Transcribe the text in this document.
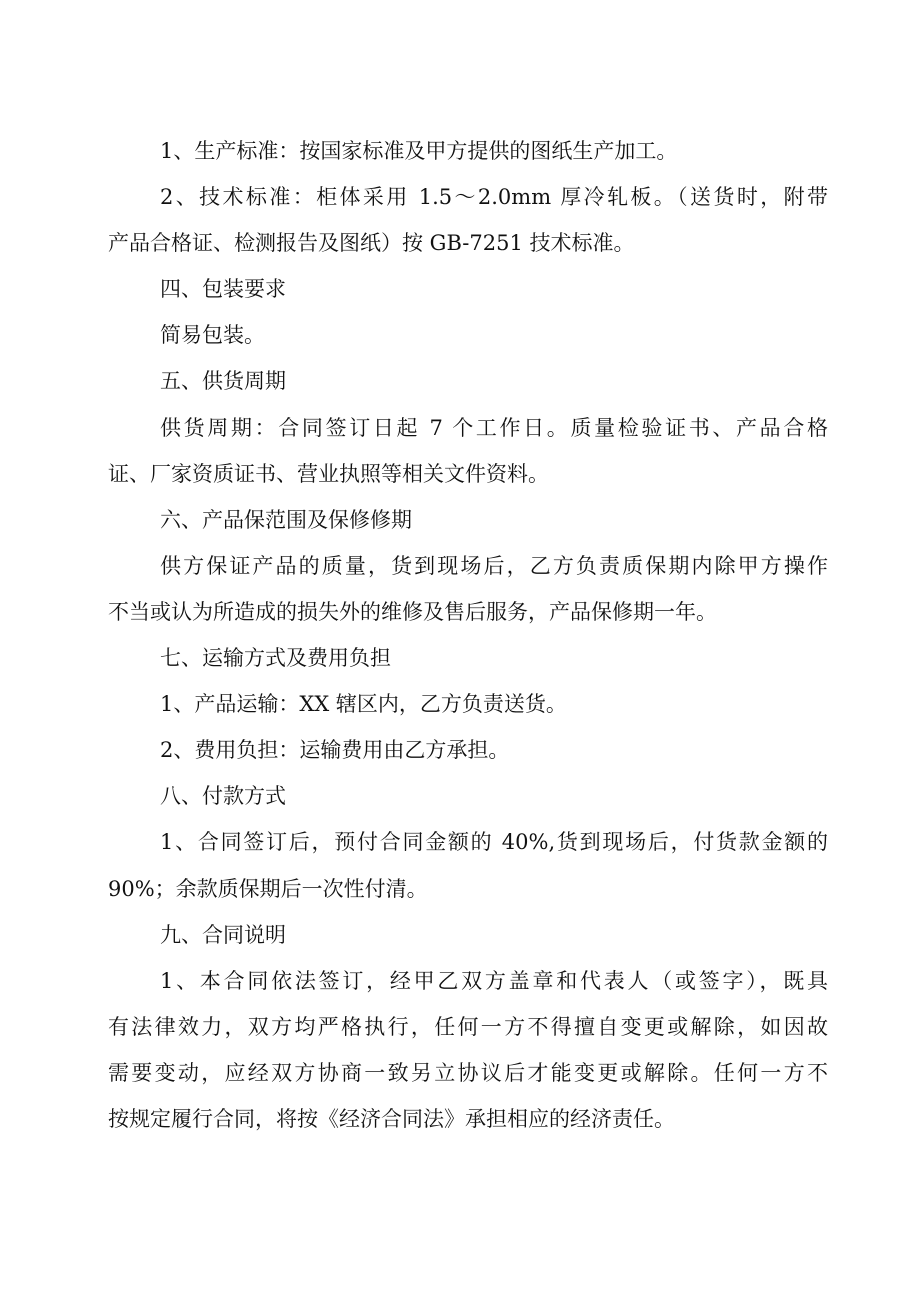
1、生产标准：按国家标准及甲方提供的图纸生产加工。
2、技术标准：柜体采用 1.5～2.0mm 厚冷轧板。（送货时，附带
产品合格证、检测报告及图纸）按 GB-7251 技术标准。
四、包装要求
简易包装。
五、供货周期
供货周期：合同签订日起 7 个工作日。质量检验证书、产品合格
证、厂家资质证书、营业执照等相关文件资料。
六、产品保范围及保修修期
供方保证产品的质量，货到现场后，乙方负责质保期内除甲方操作
不当或认为所造成的损失外的维修及售后服务，产品保修期一年。
七、运输方式及费用负担
1、产品运输：XX 辖区内，乙方负责送货。
2、费用负担：运输费用由乙方承担。
八、付款方式
1、合同签订后，预付合同金额的 40%,货到现场后，付货款金额的
90%；余款质保期后一次性付清。
九、合同说明
1、本合同依法签订，经甲乙双方盖章和代表人（或签字），既具
有法律效力，双方均严格执行，任何一方不得擅自变更或解除，如因故
需要变动，应经双方协商一致另立协议后才能变更或解除。任何一方不
按规定履行合同，将按《经济合同法》承担相应的经济责任。
